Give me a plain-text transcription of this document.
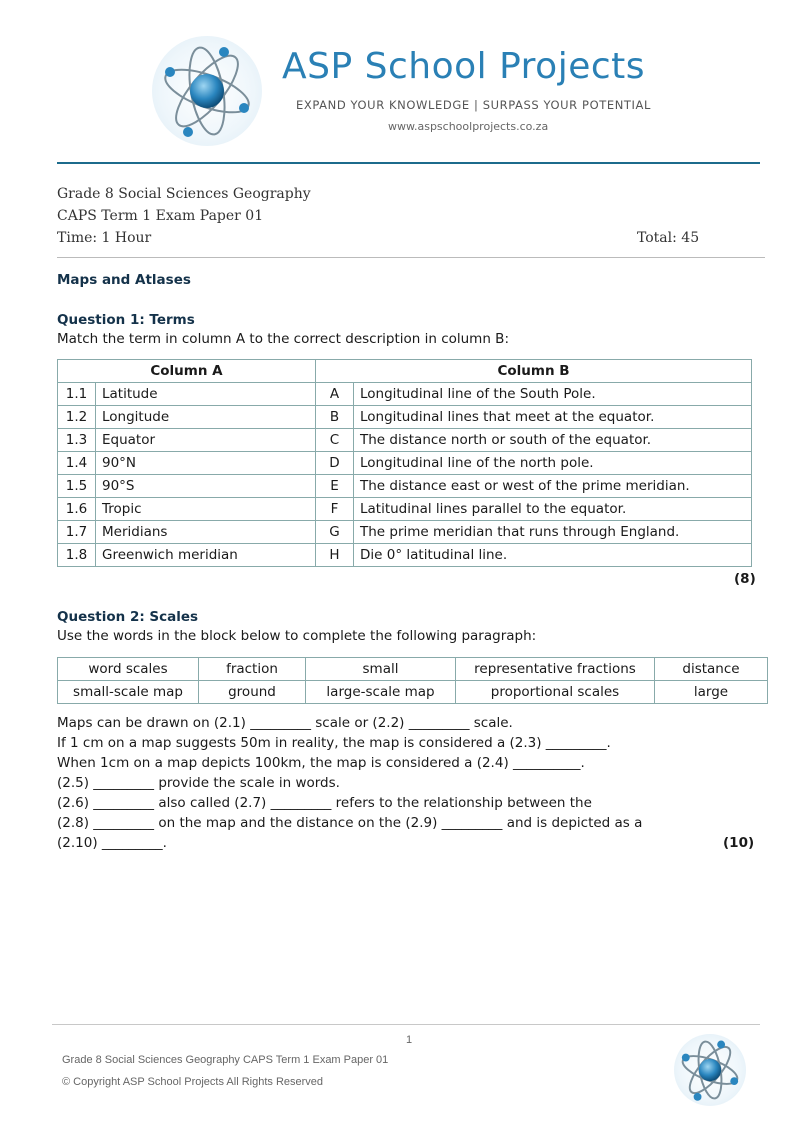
ASP School Projects
EXPAND YOUR KNOWLEDGE | SURPASS YOUR POTENTIAL
www.aspschoolprojects.co.za
Grade 8 Social Sciences Geography
CAPS Term 1 Exam Paper 01
Time: 1 Hour	Total: 45
Maps and Atlases
Question 1: Terms
Match the term in column A to the correct description in column B:
Column A		Column B	
1.1	Latitude	A	Longitudinal line of the South Pole.
1.2	Longitude	B	Longitudinal lines that meet at the equator.
1.3	Equator	C	The distance north or south of the equator.
1.4	90°N	D	Longitudinal line of the north pole.
1.5	90°S	E	The distance east or west of the prime meridian.
1.6	Tropic	F	Latitudinal lines parallel to the equator.
1.7	Meridians	G	The prime meridian that runs through England.
1.8	Greenwich meridian	H	Die 0° latitudinal line.
(8)
Question 2: Scales
Use the words in the block below to complete the following paragraph:
word scales	fraction	small	representative fractions	distance
small-scale map	ground	large-scale map	proportional scales	large
Maps can be drawn on (2.1) _________ scale or (2.2) _________ scale.
If 1 cm on a map suggests 50m in reality, the map is considered a (2.3) _________.
When 1cm on a map depicts 100km, the map is considered a (2.4) __________.
(2.5) _________ provide the scale in words.
(2.6) _________ also called (2.7) _________ refers to the relationship between the
(2.8) _________ on the map and the distance on the (2.9) _________ and is depicted as a
(2.10) _________.	(10)
1
Grade 8 Social Sciences Geography CAPS Term 1 Exam Paper 01
© Copyright ASP School Projects All Rights Reserved
